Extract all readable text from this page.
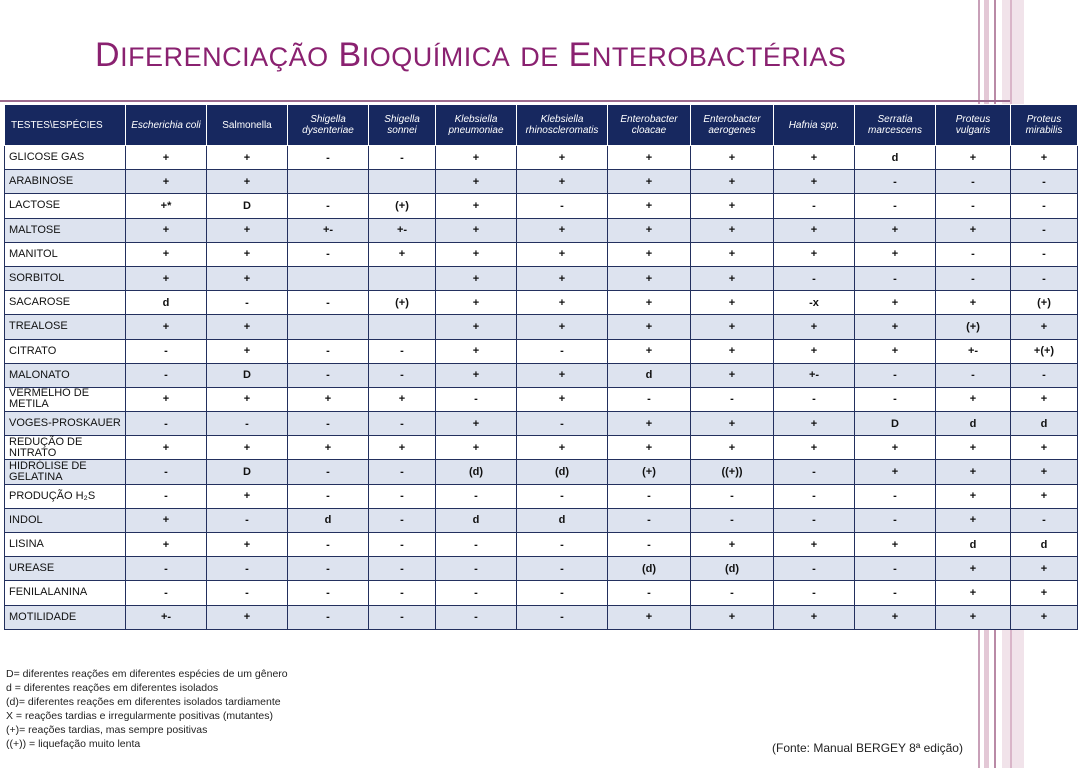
DIFERENCIAÇÃO BIOQUÍMICA DE ENTEROBACTÉRIAS
TESTES\ESPÉCIES	Escherichia coli	Salmonella	Shigella dysenteriae	Shigella sonnei	Klebsiella pneumoniae	Klebsiella rhinoscleromatis	Enterobacter cloacae	Enterobacter aerogenes	Hafnia spp.	Serratia marcescens	Proteus vulgaris	Proteus mirabilis
GLICOSE GAS	+	+	-	-	+	+	+	+	+	d	+	+
ARABINOSE	+	+			+	+	+	+	+	-	-	-
LACTOSE	+*	D	-	(+)	+	-	+	+	-	-	-	-
MALTOSE	+	+	+-	+-	+	+	+	+	+	+	+	-
MANITOL	+	+	-	+	+	+	+	+	+	+	-	-
SORBITOL	+	+			+	+	+	+	-	-	-	-
SACAROSE	d	-	-	(+)	+	+	+	+	-x	+	+	(+)
TREALOSE	+	+			+	+	+	+	+	+	(+)	+
CITRATO	-	+	-	-	+	-	+	+	+	+	+-	+(+)
MALONATO	-	D	-	-	+	+	d	+	+-	-	-	-
VERMELHO DE METILA	+	+	+	+	-	+	-	-	-	-	+	+
VOGES-PROSKAUER	-	-	-	-	+	-	+	+	+	D	d	d
REDUÇÃO DE NITRATO	+	+	+	+	+	+	+	+	+	+	+	+
HIDRÓLISE DE GELATINA	-	D	-	-	(d)	(d)	(+)	((+))	-	+	+	+
PRODUÇÃO H₂S	-	+	-	-	-	-	-	-	-	-	+	+
INDOL	+	-	d	-	d	d	-	-	-	-	+	-
LISINA	+	+	-	-	-	-	-	+	+	+	d	d
UREASE	-	-	-	-	-	-	(d)	(d)	-	-	+	+
FENILALANINA	-	-	-	-	-	-	-	-	-	-	+	+
MOTILIDADE	+-	+	-	-	-	-	+	+	+	+	+	+
D= diferentes reações em diferentes espécies de um gênero
d = diferentes reações em diferentes isolados
(d)= diferentes reações em diferentes isolados tardiamente
X = reações tardias e irregularmente positivas (mutantes)
(+)= reações tardias, mas sempre positivas
((+)) = liquefação muito lenta	(Fonte: Manual BERGEY 8ª edição)
